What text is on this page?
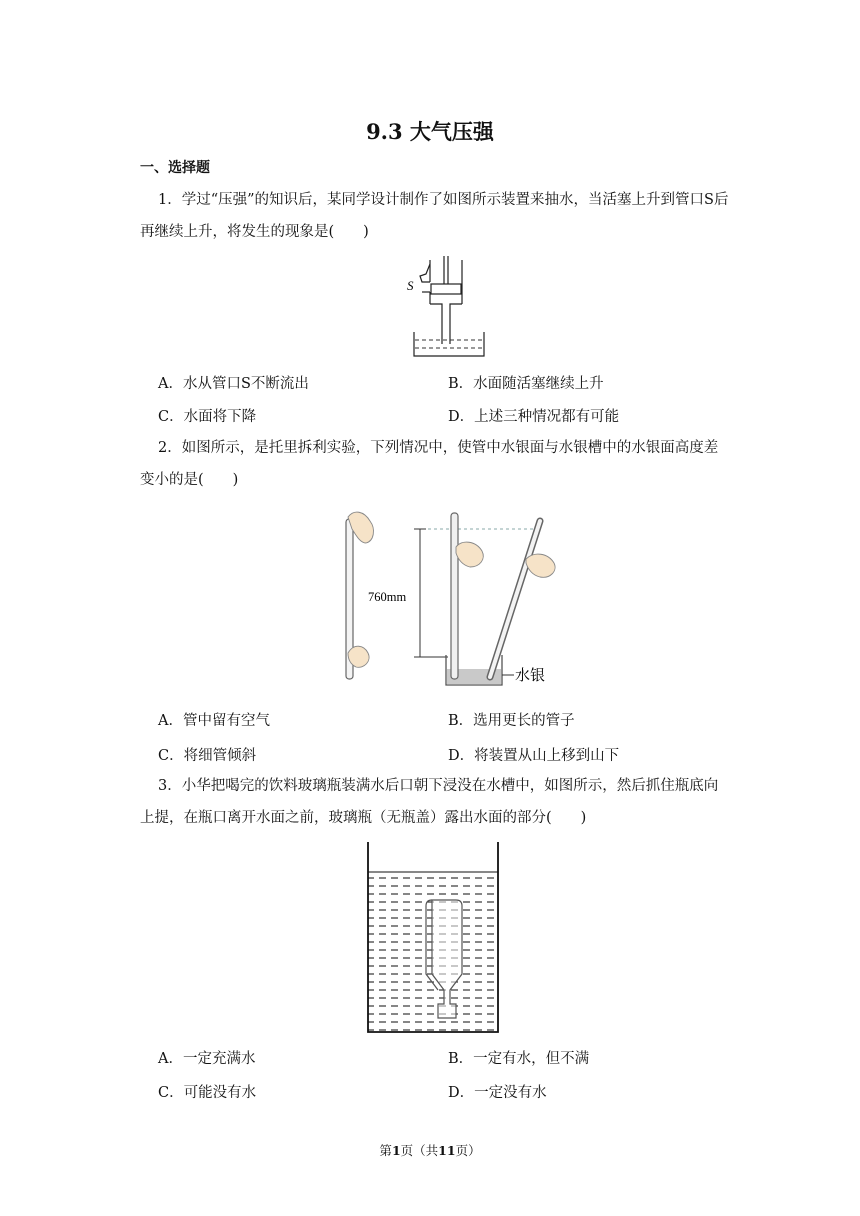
9.3 大气压强
一、选择题
1．学过“压强”的知识后，某同学设计制作了如图所示装置来抽水，当活塞上升到管口S后再继续上升，将发生的现象是(　　)
S
A．水从管口S不断流出	B．水面随活塞继续上升
C．水面将下降	D．上述三种情况都有可能
2．如图所示，是托里拆利实验，下列情况中，使管中水银面与水银槽中的水银面高度差变小的是(　　)
760mm
水银
A．管中留有空气	B．选用更长的管子
C．将细管倾斜	D．将装置从山上移到山下
3．小华把喝完的饮料玻璃瓶装满水后口朝下浸没在水槽中，如图所示，然后抓住瓶底向上提，在瓶口离开水面之前，玻璃瓶（无瓶盖）露出水面的部分(　　)
A．一定充满水	B．一定有水，但不满
C．可能没有水	D．一定没有水
第1页（共11页）
